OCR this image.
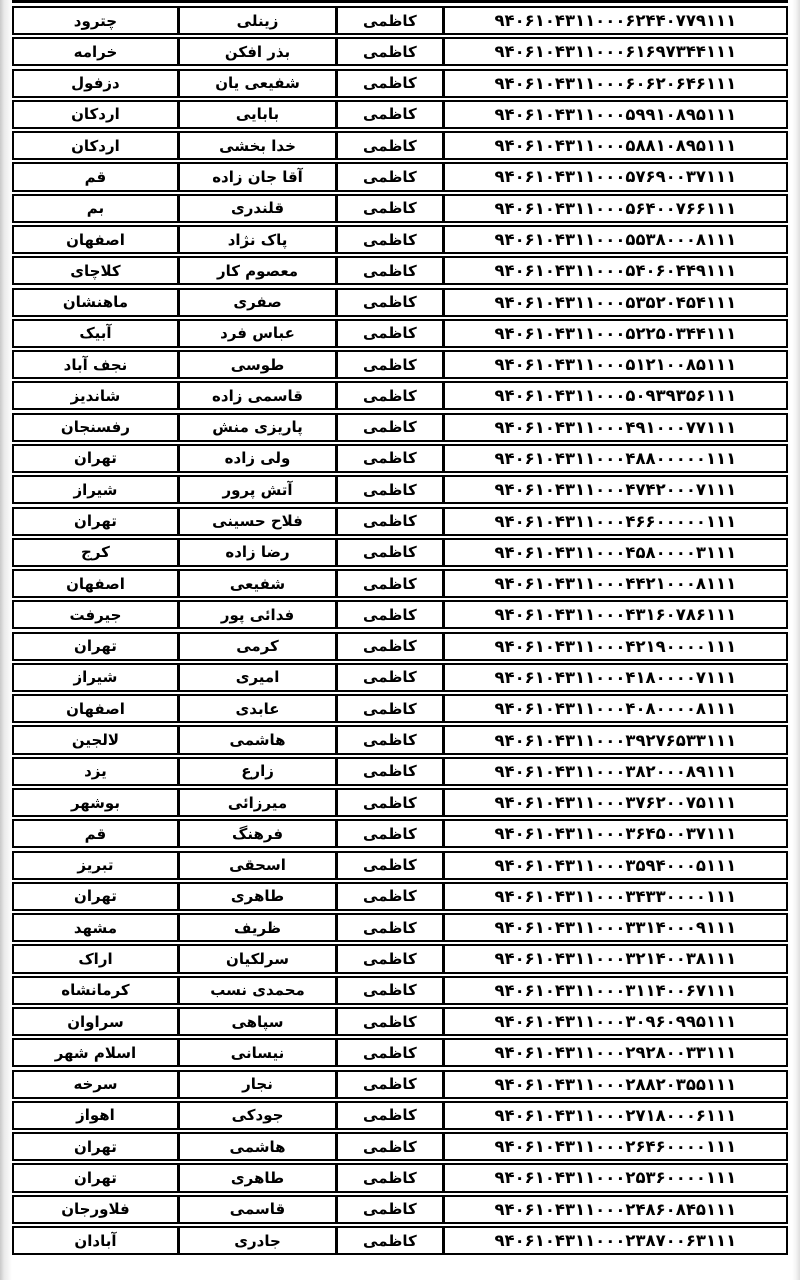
چترود	زینلی	کاظمی	۹۴۰۶۱۰۴۳۱۱۰۰۰۶۲۴۴۰۷۷۹۱۱۱
خرامه	بذر افکن	کاظمی	۹۴۰۶۱۰۴۳۱۱۰۰۰۶۱۶۹۷۳۴۴۱۱۱
دزفول	شفیعی یان	کاظمی	۹۴۰۶۱۰۴۳۱۱۰۰۰۶۰۶۲۰۶۴۶۱۱۱
اردکان	بابایی	کاظمی	۹۴۰۶۱۰۴۳۱۱۰۰۰۵۹۹۱۰۸۹۵۱۱۱
اردکان	خدا بخشی	کاظمی	۹۴۰۶۱۰۴۳۱۱۰۰۰۵۸۸۱۰۸۹۵۱۱۱
قم	آقا جان زاده	کاظمی	۹۴۰۶۱۰۴۳۱۱۰۰۰۵۷۶۹۰۰۳۷۱۱۱
بم	قلندری	کاظمی	۹۴۰۶۱۰۴۳۱۱۰۰۰۵۶۴۰۰۷۶۶۱۱۱
اصفهان	پاک نژاد	کاظمی	۹۴۰۶۱۰۴۳۱۱۰۰۰۵۵۳۸۰۰۰۸۱۱۱
کلاچای	معصوم کار	کاظمی	۹۴۰۶۱۰۴۳۱۱۰۰۰۵۴۰۶۰۴۴۹۱۱۱
ماهنشان	صفری	کاظمی	۹۴۰۶۱۰۴۳۱۱۰۰۰۵۳۵۲۰۴۵۴۱۱۱
آبیک	عباس فرد	کاظمی	۹۴۰۶۱۰۴۳۱۱۰۰۰۵۲۲۵۰۳۴۴۱۱۱
نجف آباد	طوسی	کاظمی	۹۴۰۶۱۰۴۳۱۱۰۰۰۵۱۲۱۰۰۸۵۱۱۱
شاندیز	قاسمی زاده	کاظمی	۹۴۰۶۱۰۴۳۱۱۰۰۰۵۰۹۳۹۳۵۶۱۱۱
رفسنجان	پاریزی منش	کاظمی	۹۴۰۶۱۰۴۳۱۱۰۰۰۴۹۱۰۰۰۷۷۱۱۱
تهران	ولی زاده	کاظمی	۹۴۰۶۱۰۴۳۱۱۰۰۰۴۸۸۰۰۰۰۰۱۱۱
شیراز	آتش پرور	کاظمی	۹۴۰۶۱۰۴۳۱۱۰۰۰۴۷۴۲۰۰۰۷۱۱۱
تهران	فلاح حسینی	کاظمی	۹۴۰۶۱۰۴۳۱۱۰۰۰۴۶۶۰۰۰۰۰۱۱۱
کرج	رضا زاده	کاظمی	۹۴۰۶۱۰۴۳۱۱۰۰۰۴۵۸۰۰۰۰۳۱۱۱
اصفهان	شفیعی	کاظمی	۹۴۰۶۱۰۴۳۱۱۰۰۰۴۴۲۱۰۰۰۸۱۱۱
جیرفت	فدائی پور	کاظمی	۹۴۰۶۱۰۴۳۱۱۰۰۰۴۳۱۶۰۷۸۶۱۱۱
تهران	کرمی	کاظمی	۹۴۰۶۱۰۴۳۱۱۰۰۰۴۲۱۹۰۰۰۰۱۱۱
شیراز	امیری	کاظمی	۹۴۰۶۱۰۴۳۱۱۰۰۰۴۱۸۰۰۰۰۷۱۱۱
اصفهان	عابدی	کاظمی	۹۴۰۶۱۰۴۳۱۱۰۰۰۴۰۸۰۰۰۰۸۱۱۱
لالجین	هاشمی	کاظمی	۹۴۰۶۱۰۴۳۱۱۰۰۰۳۹۲۷۶۵۳۳۱۱۱
یزد	زارع	کاظمی	۹۴۰۶۱۰۴۳۱۱۰۰۰۳۸۲۰۰۰۸۹۱۱۱
بوشهر	میرزائی	کاظمی	۹۴۰۶۱۰۴۳۱۱۰۰۰۳۷۶۲۰۰۷۵۱۱۱
قم	فرهنگ	کاظمی	۹۴۰۶۱۰۴۳۱۱۰۰۰۳۶۴۵۰۰۳۷۱۱۱
تبریز	اسحقی	کاظمی	۹۴۰۶۱۰۴۳۱۱۰۰۰۳۵۹۴۰۰۰۵۱۱۱
تهران	طاهری	کاظمی	۹۴۰۶۱۰۴۳۱۱۰۰۰۳۴۳۳۰۰۰۰۱۱۱
مشهد	ظریف	کاظمی	۹۴۰۶۱۰۴۳۱۱۰۰۰۳۳۱۴۰۰۰۹۱۱۱
اراک	سرلکیان	کاظمی	۹۴۰۶۱۰۴۳۱۱۰۰۰۳۲۱۴۰۰۳۸۱۱۱
کرمانشاه	محمدی نسب	کاظمی	۹۴۰۶۱۰۴۳۱۱۰۰۰۳۱۱۴۰۰۶۷۱۱۱
سراوان	سپاهی	کاظمی	۹۴۰۶۱۰۴۳۱۱۰۰۰۳۰۹۶۰۹۹۵۱۱۱
اسلام شهر	نیسانی	کاظمی	۹۴۰۶۱۰۴۳۱۱۰۰۰۲۹۲۸۰۰۳۳۱۱۱
سرخه	نجار	کاظمی	۹۴۰۶۱۰۴۳۱۱۰۰۰۲۸۸۲۰۳۵۵۱۱۱
اهواز	جودکی	کاظمی	۹۴۰۶۱۰۴۳۱۱۰۰۰۲۷۱۸۰۰۰۶۱۱۱
تهران	هاشمی	کاظمی	۹۴۰۶۱۰۴۳۱۱۰۰۰۲۶۴۶۰۰۰۰۱۱۱
تهران	طاهری	کاظمی	۹۴۰۶۱۰۴۳۱۱۰۰۰۲۵۳۶۰۰۰۰۱۱۱
فلاورجان	قاسمی	کاظمی	۹۴۰۶۱۰۴۳۱۱۰۰۰۲۴۸۶۰۸۴۵۱۱۱
آبادان	جادری	کاظمی	۹۴۰۶۱۰۴۳۱۱۰۰۰۲۳۸۷۰۰۶۳۱۱۱
